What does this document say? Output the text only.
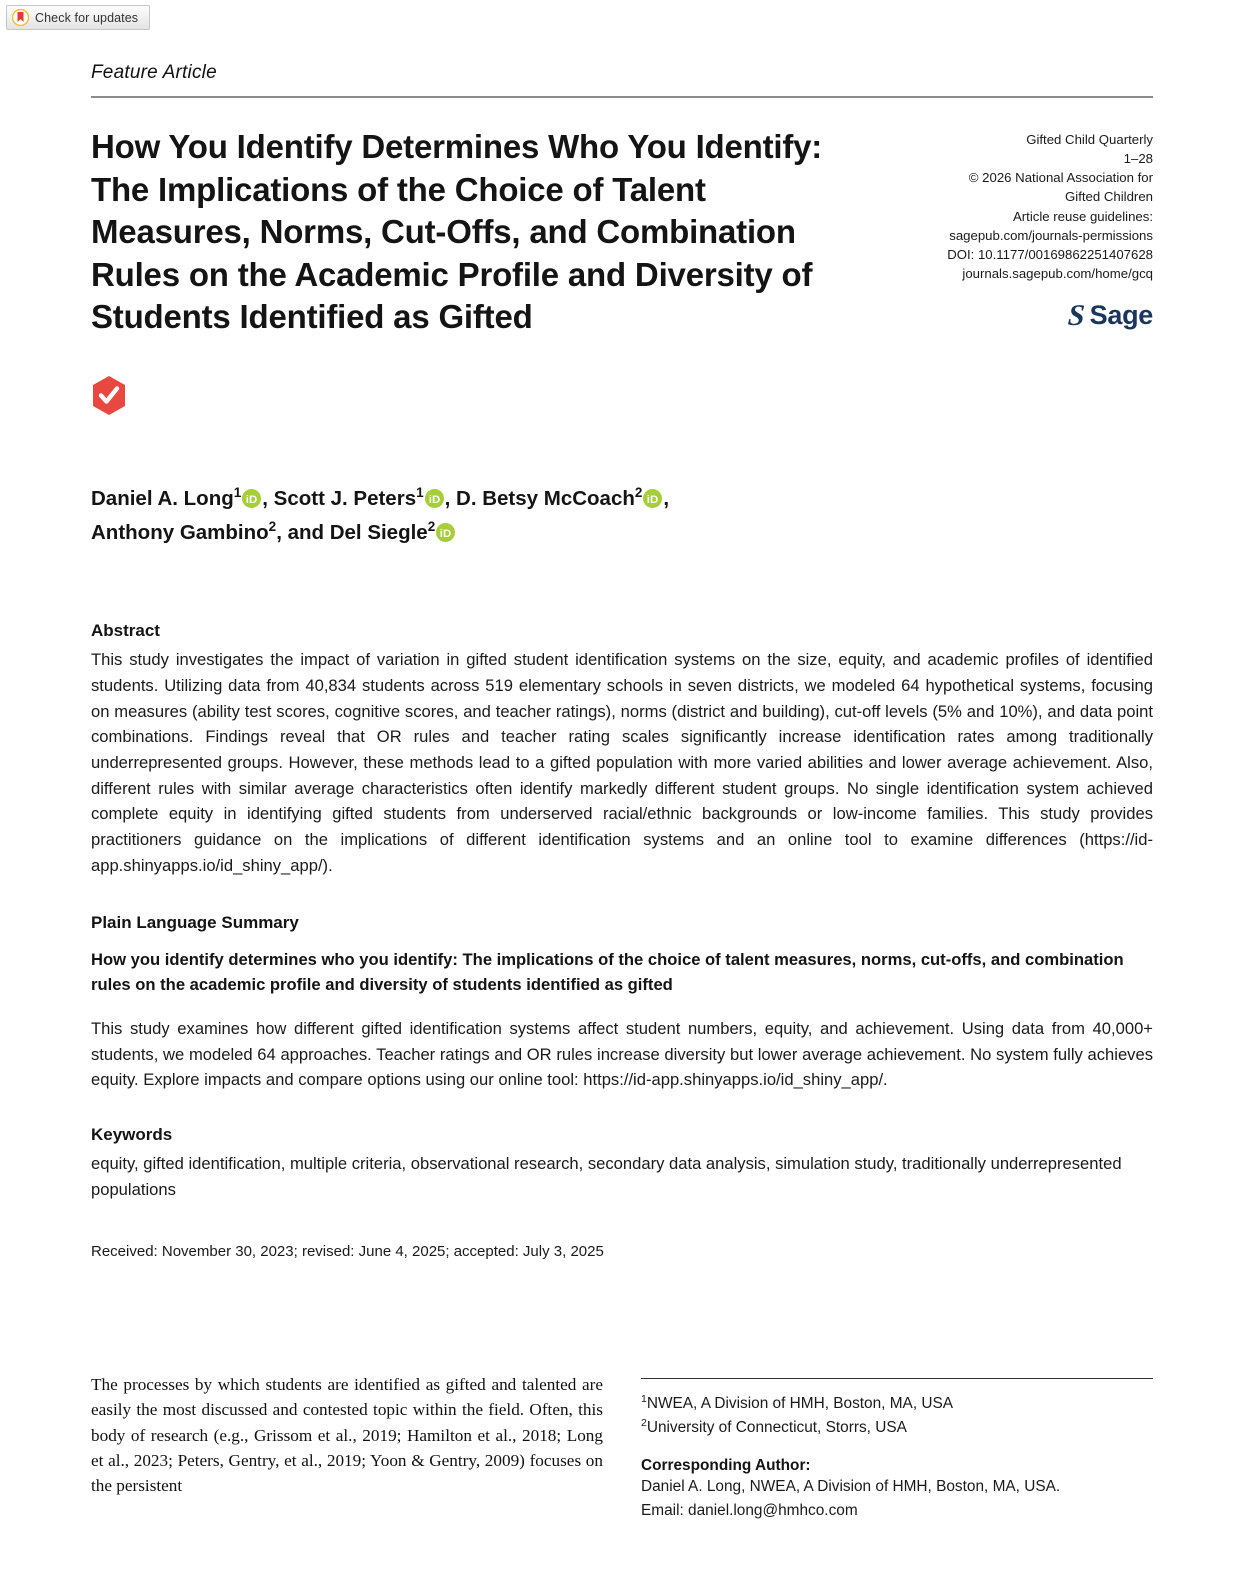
Check for updates
Feature Article
How You Identify Determines Who You Identify: The Implications of the Choice of Talent Measures, Norms, Cut-Offs, and Combination Rules on the Academic Profile and Diversity of Students Identified as Gifted
Gifted Child Quarterly
1–28
© 2026 National Association for
Gifted Children
Article reuse guidelines:
sagepub.com/journals-permissions
DOI: 10.1177/00169862251407628
journals.sagepub.com/home/gcq
S Sage
Daniel A. Long$^1$ iD , Scott J. Peters$^1$ iD , D. Betsy McCoach$^2$ iD ,
Anthony Gambino$^2$, and Del Siegle$^2$ iD
Abstract

This study investigates the impact of variation in gifted student identification systems on the size, equity, and academic profiles of identified students. Utilizing data from 40,834 students across 519 elementary schools in seven districts, we modeled 64 hypothetical systems, focusing on measures (ability test scores, cognitive scores, and teacher ratings), norms (district and building), cut-off levels (5% and 10%), and data point combinations. Findings reveal that OR rules and teacher rating scales significantly increase identification rates among traditionally underrepresented groups. However, these methods lead to a gifted population with more varied abilities and lower average achievement. Also, different rules with similar average characteristics often identify markedly different student groups. No single identification system achieved complete equity in identifying gifted students from underserved racial/ethnic backgrounds or low-income families. This study provides practitioners guidance on the implications of different identification systems and an online tool to examine differences (https://id-app.shinyapps.io/id_shiny_app/).

Plain Language Summary

How you identify determines who you identify: The implications of the choice of talent measures, norms, cut-offs, and combination rules on the academic profile and diversity of students identified as gifted

This study examines how different gifted identification systems affect student numbers, equity, and achievement. Using data from 40,000+ students, we modeled 64 approaches. Teacher ratings and OR rules increase diversity but lower average achievement. No system fully achieves equity. Explore impacts and compare options using our online tool: https://id-app.shinyapps.io/id_shiny_app/.

Keywords

equity, gifted identification, multiple criteria, observational research, secondary data analysis, simulation study, traditionally underrepresented populations

Received: November 30, 2023; revised: June 4, 2025; accepted: July 3, 2025

The processes by which students are identified as gifted and talented are easily the most discussed and contested topic within the field. Often, this body of research (e.g., Grissom et al., 2019; Hamilton et al., 2018; Long et al., 2023; Peters, Gentry, et al., 2019; Yoon & Gentry, 2009) focuses on the persistent

$^1$NWEA, A Division of HMH, Boston, MA, USA
$^2$University of Connecticut, Storrs, USA
Corresponding Author:
Daniel A. Long, NWEA, A Division of HMH, Boston, MA, USA.
Email: daniel.long@hmhco.com
